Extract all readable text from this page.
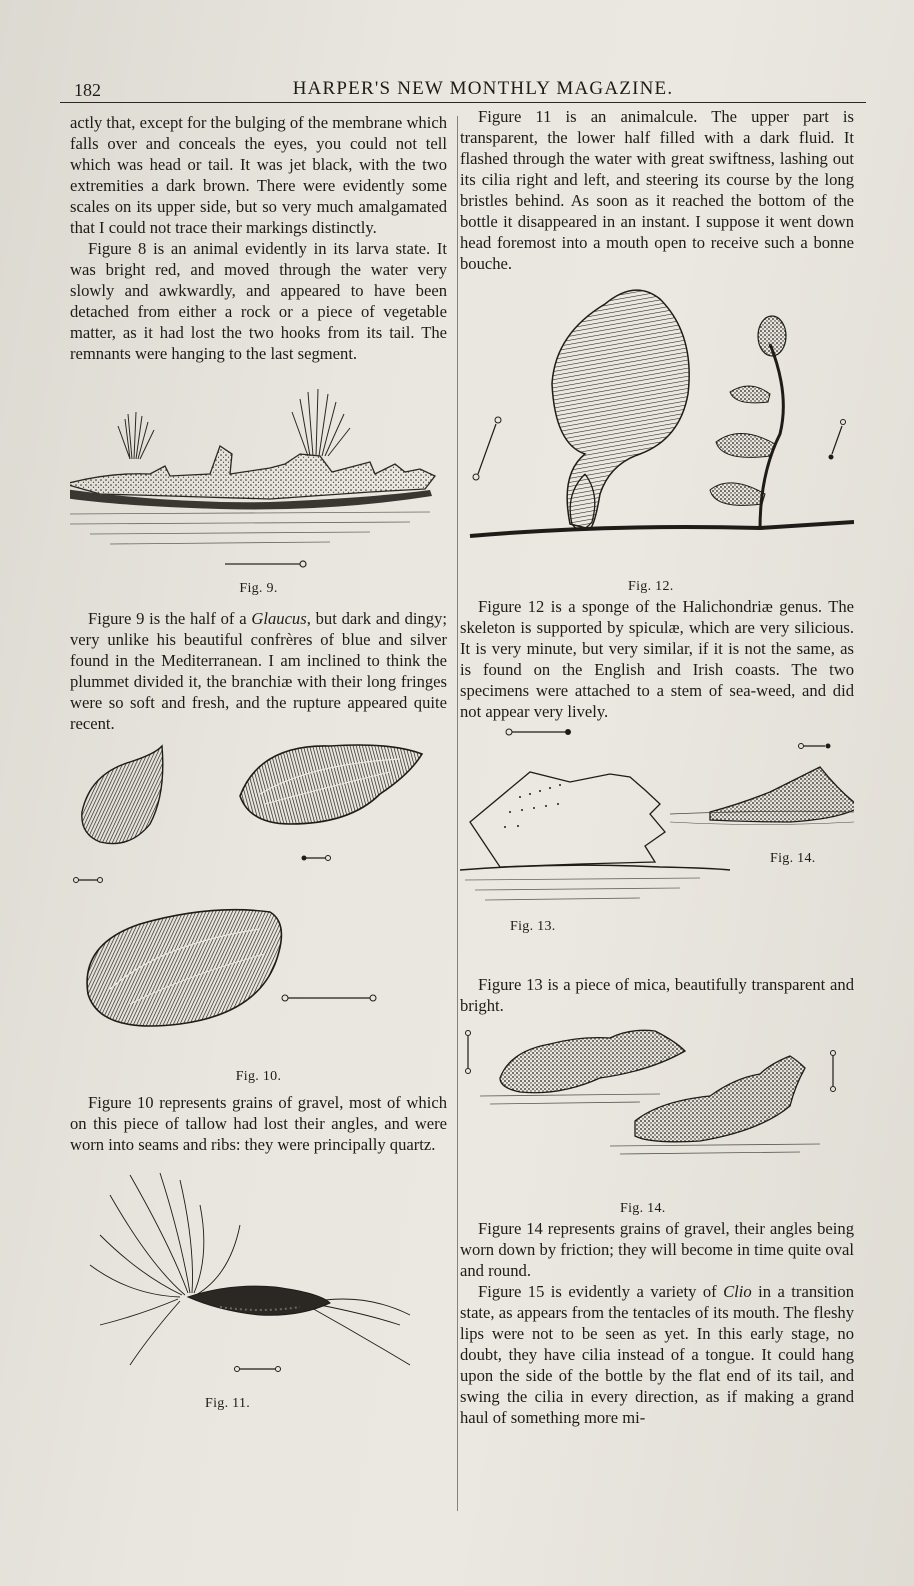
182	HARPER'S NEW MONTHLY MAGAZINE.

actly that, except for the bulging of the membrane which falls over and conceals the eyes, you could not tell which was head or tail. It was jet black, with the two extremities a dark brown. There were evidently some scales on its upper side, but so very much amalgamated that I could not trace their markings distinctly.

Figure 8 is an animal evidently in its larva state. It was bright red, and moved through the water very slowly and awkwardly, and appeared to have been detached from either a rock or a piece of vegetable matter, as it had lost the two hooks from its tail. The remnants were hanging to the last segment.

Fig. 9.

Figure 9 is the half of a Glaucus, but dark and dingy; very unlike his beautiful confrères of blue and silver found in the Mediterranean. I am inclined to think the plummet divided it, the branchiæ with their long fringes were so soft and fresh, and the rupture appeared quite recent.

Fig. 10.

Figure 10 represents grains of gravel, most of which on this piece of tallow had lost their angles, and were worn into seams and ribs: they were principally quartz.

Fig. 11.

Figure 11 is an animalcule. The upper part is transparent, the lower half filled with a dark fluid. It flashed through the water with great swiftness, lashing out its cilia right and left, and steering its course by the long bristles behind. As soon as it reached the bottom of the bottle it disappeared in an instant. I suppose it went down head foremost into a mouth open to receive such a bonne bouche.

Fig. 12.

Figure 12 is a sponge of the Halichondriæ genus. The skeleton is supported by spiculæ, which are very silicious. It is very minute, but very similar, if it is not the same, as is found on the English and Irish coasts. The two specimens were attached to a stem of sea-weed, and did not appear very lively.

Fig. 13.
Fig. 14.

Figure 13 is a piece of mica, beautifully transparent and bright.

Fig. 14.

Figure 14 represents grains of gravel, their angles being worn down by friction; they will become in time quite oval and round.

Figure 15 is evidently a variety of Clio in a transition state, as appears from the tentacles of its mouth. The fleshy lips were not to be seen as yet. In this early stage, no doubt, they have cilia instead of a tongue. It could hang upon the side of the bottle by the flat end of its tail, and swing the cilia in every direction, as if making a grand haul of something more mi-
